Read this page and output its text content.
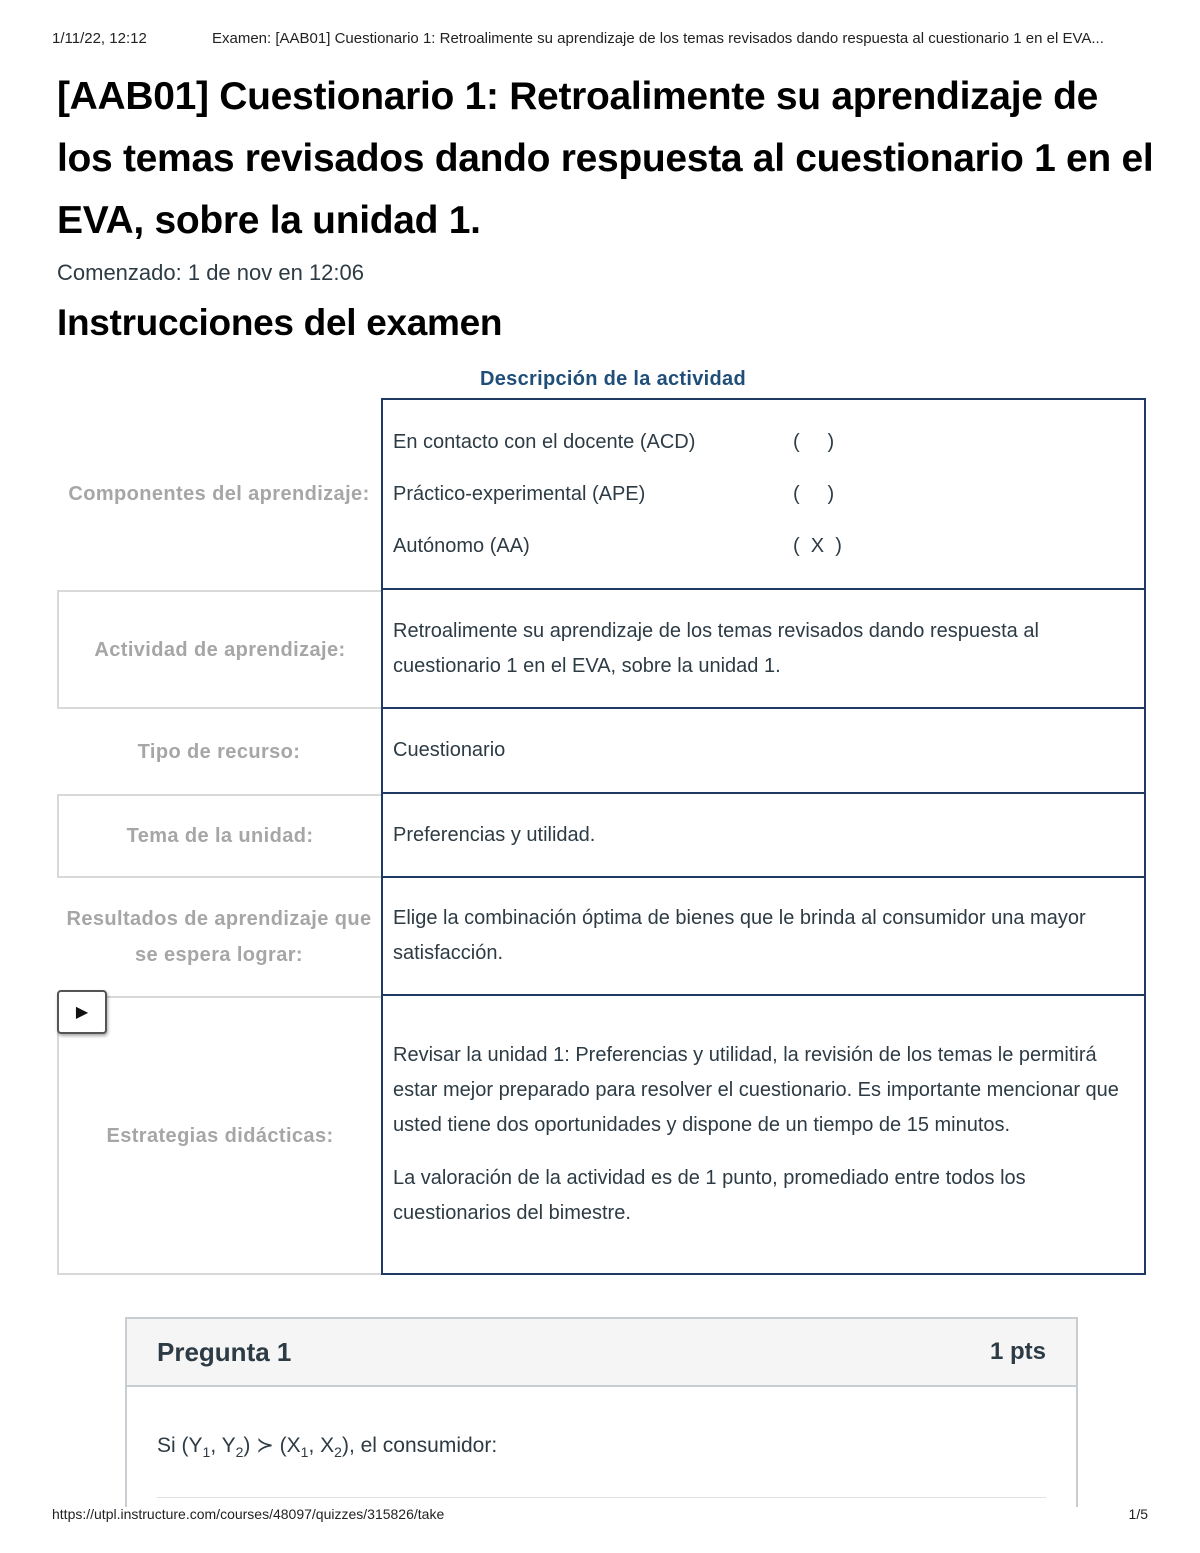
1/11/22, 12:12	Examen: [AAB01] Cuestionario 1: Retroalimente su aprendizaje de los temas revisados dando respuesta al cuestionario 1 en el EVA...
[AAB01] Cuestionario 1: Retroalimente su aprendizaje de los temas revisados dando respuesta al cuestionario 1 en el EVA, sobre la unidad 1.
Comenzado: 1 de nov en 12:06
Instrucciones del examen
Descripción de la actividad
Componentes del aprendizaje:
En contacto con el docente (ACD)	(     )
Práctico-experimental (APE)	(     )
Autónomo (AA)	(  X  )
Actividad de aprendizaje:
Retroalimente su aprendizaje de los temas revisados dando respuesta al cuestionario 1 en el EVA, sobre la unidad 1.
Tipo de recurso:	Cuestionario
Tema de la unidad:	Preferencias y utilidad.
Resultados de aprendizaje que se espera lograr:
Elige la combinación óptima de bienes que le brinda al consumidor una mayor satisfacción.
Estrategias didácticas:

Revisar la unidad 1: Preferencias y utilidad, la revisión de los temas le permitirá estar mejor preparado para resolver el cuestionario. Es importante mencionar que usted tiene dos oportunidades y dispone de un tiempo de 15 minutos.

La valoración de la actividad es de 1 punto, promediado entre todos los cuestionarios del bimestre.

▶
Pregunta 1	1 pts
Si ($Y_1$, $Y_2$) ≻ ($X_1$, $X_2$), el consumidor:
https://utpl.instructure.com/courses/48097/quizzes/315826/take	1/5
